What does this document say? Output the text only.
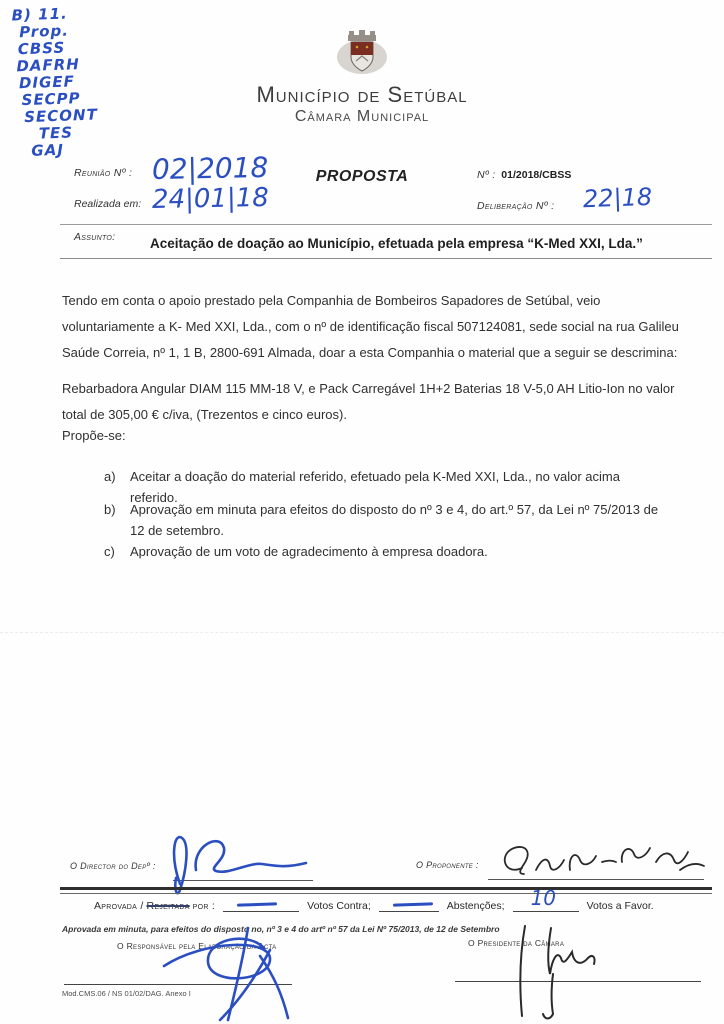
B) 11.
Prop.
CBSS
DAFRH
DIGEF
SECPP
SECONT
TES
GAJ
Município de Setúbal
Câmara Municipal
Reunião Nº : 02|2018
Realizada em: 24|01|18
PROPOSTA	Nº : 01/2018/CBSS
Deliberação Nº : 22|18
Assunto:	Aceitação de doação ao Município, efetuada pela empresa “K-Med XXI, Lda.”
Tendo em conta o apoio prestado pela Companhia de Bombeiros Sapadores de Setúbal, veio voluntariamente a K- Med XXI, Lda., com o nº de identificação fiscal 507124081, sede social na rua Galileu Saúde Correia, nº 1, 1 B, 2800-691 Almada, doar a esta Companhia o material que a seguir se descrimina:
Rebarbadora Angular DIAM 115 MM-18 V, e Pack Carregável 1H+2 Baterias 18 V-5,0 AH Litio-Ion no valor total de 305,00 € c/iva, (Trezentos e cinco euros).
Propõe-se:
a)	Aceitar a doação do material referido, efetuado pela K-Med XXI, Lda., no valor acima referido.
b)	Aprovação em minuta para efeitos do disposto do nº 3 e 4, do art.º 57, da Lei nº 75/2013 de 12 de setembro.
c)	Aprovação de um voto de agradecimento à empresa doadora.
O Director do Depº :	O Proponente :
Aprovada /
Rejeitada
por :	Votos Contra;	Abstenções; 10	Votos a Favor.
Aprovada em minuta, para efeitos do disposto no, nº 3 e 4 do artº nº 57 da Lei Nº 75/2013, de 12 de Setembro
O Responsável pela Elaboração da Acta	O Presidente da Câmara
Mod.CMS.06 / NS 01/02/DAG. Anexo I
